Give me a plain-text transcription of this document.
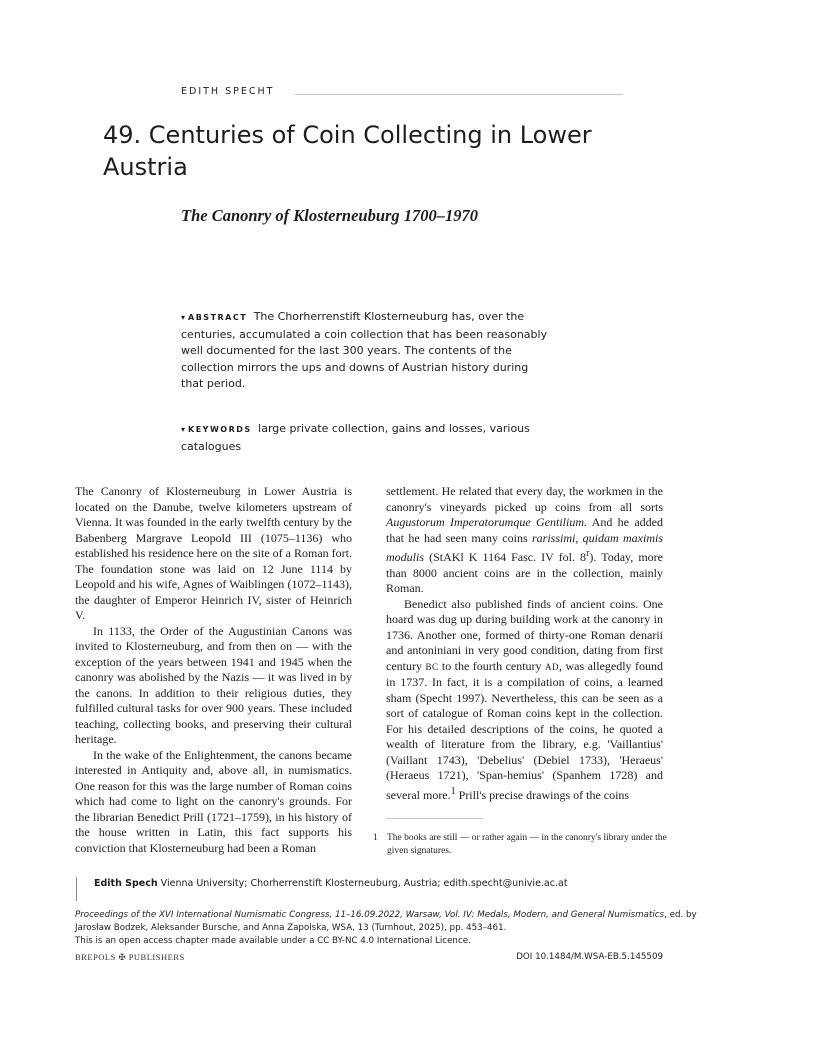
EDITH SPECHT
49. Centuries of Coin Collecting in Lower Austria
The Canonry of Klosterneuburg 1700–1970
▾ ABSTRACT The Chorherrenstift Klosterneuburg has, over the centuries, accumulated a coin collection that has been reasonably well documented for the last 300 years. The contents of the collection mirrors the ups and downs of Austrian history during that period.
▾ KEYWORDS large private collection, gains and losses, various catalogues

The Canonry of Klosterneuburg in Lower Austria is located on the Danube, twelve kilometers upstream of Vienna. It was founded in the early twelfth century by the Babenberg Margrave Leopold III (1075–1136) who established his residence here on the site of a Roman fort. The foundation stone was laid on 12 June 1114 by Leopold and his wife, Agnes of Waiblingen (1072–1143), the daughter of Emperor Heinrich IV, sister of Heinrich V.

In 1133, the Order of the Augustinian Canons was invited to Klosterneuburg, and from then on — with the exception of the years between 1941 and 1945 when the canonry was abolished by the Nazis — it was lived in by the canons. In addition to their religious duties, they fulfilled cultural tasks for over 900 years. These included teaching, collecting books, and preserving their cultural heritage.

In the wake of the Enlightenment, the canons became interested in Antiquity and, above all, in numismatics. One reason for this was the large number of Roman coins which had come to light on the canonry's grounds. For the librarian Benedict Prill (1721–1759), in his history of the house written in Latin, this fact supports his conviction that Klosterneuburg had been a Roman

settlement. He related that every day, the workmen in the canonry's vineyards picked up coins from all sorts Augustorum Imperatorumque Gentilium. And he added that he had seen many coins rarissimi, quidam maximis modulis (StAKl K 1164 Fasc. IV fol. 8$^r$). Today, more than 8000 ancient coins are in the collection, mainly Roman.

Benedict also published finds of ancient coins. One hoard was dug up during building work at the canonry in 1736. Another one, formed of thirty-one Roman denarii and antoniniani in very good condition, dating from first century BC to the fourth century AD, was allegedly found in 1737. In fact, it is a compilation of coins, a learned sham (Specht 1997). Nevertheless, this can be seen as a sort of catalogue of Roman coins kept in the collection. For his detailed descriptions of the coins, he quoted a wealth of literature from the library, e.g. 'Vaillantius' (Vaillant 1743), 'Debelius' (Debiel 1733), 'Heraeus' (Heraeus 1721), 'Span-hemius' (Spanhem 1728) and several more.$^1$ Prill's precise drawings of the coins

1 The books are still — or rather again — in the canonry's library under the given signatures.
Edith Spech Vienna University; Chorherrenstift Klosterneuburg, Austria; edith.specht@univie.ac.at
Proceedings of the XVI International Numismatic Congress, 11–16.09.2022, Warsaw, Vol. IV: Medals, Modern, and General Numismatics, ed. by
Jarosław Bodzek, Aleksander Bursche, and Anna Zapolska, WSA, 13 (Turnhout, 2025), pp. 453–461.
This is an open access chapter made available under a CC BY-NC 4.0 International Licence.
BREPOLS ✠ PUBLISHERS	DOI 10.1484/M.WSA-EB.5.145509
